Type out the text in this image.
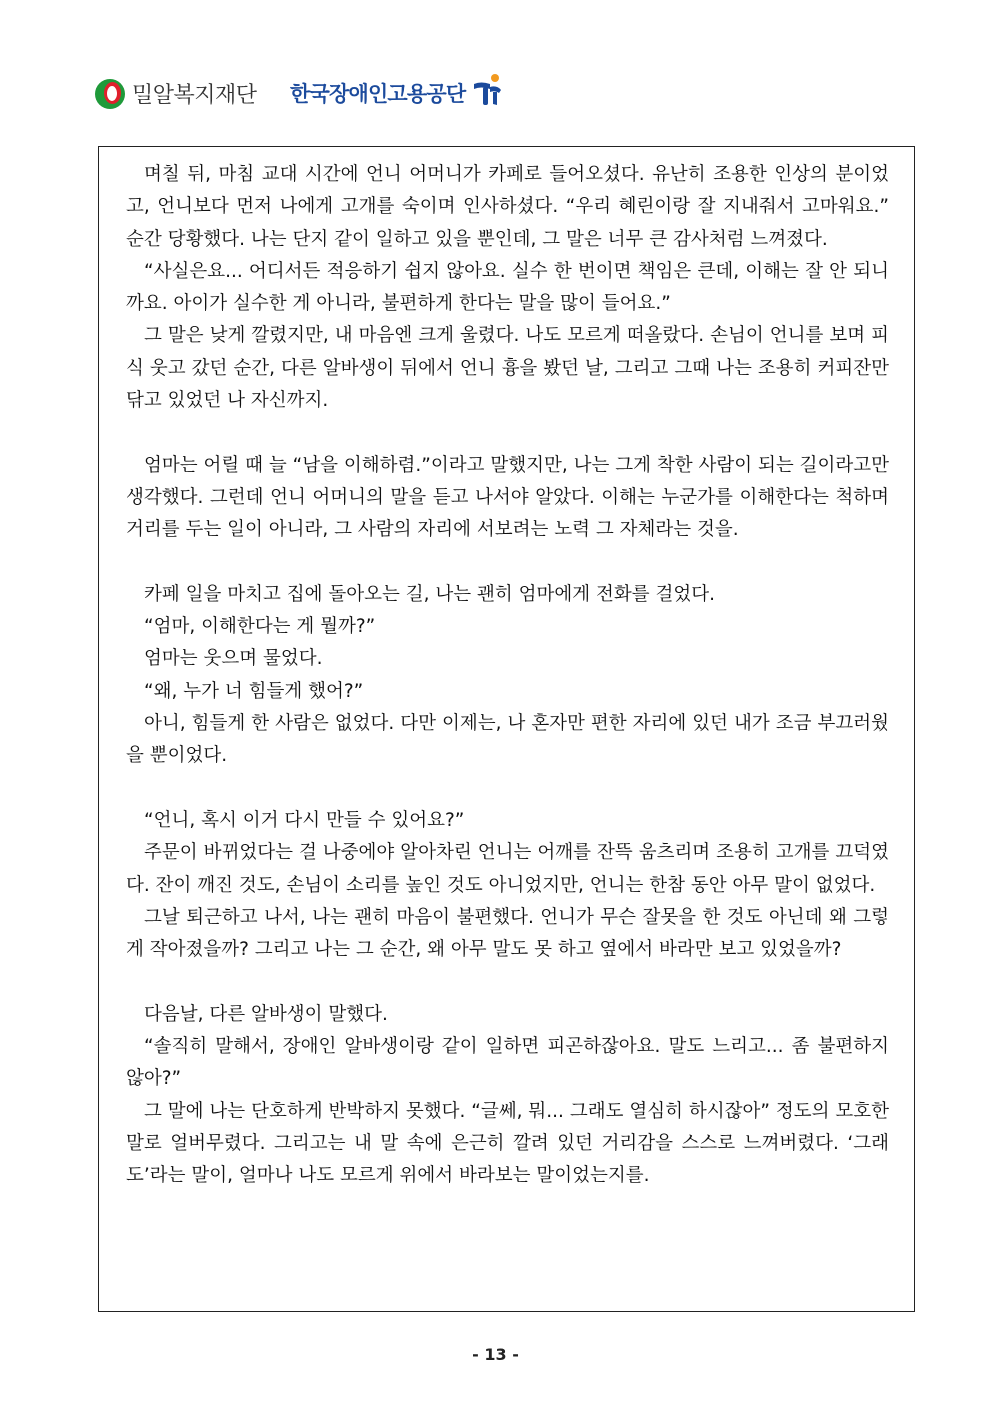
밀알복지재단 한국장애인고용공단
며칠 뒤, 마침 교대 시간에 언니 어머니가 카페로 들어오셨다. 유난히 조용한 인상의 분이었고, 언니보다 먼저 나에게 고개를 숙이며 인사하셨다. “우리 혜린이랑 잘 지내줘서 고마워요.” 순간 당황했다. 나는 단지 같이 일하고 있을 뿐인데, 그 말은 너무 큰 감사처럼 느껴졌다.
“사실은요... 어디서든 적응하기 쉽지 않아요. 실수 한 번이면 책임은 큰데, 이해는 잘 안 되니까요. 아이가 실수한 게 아니라, 불편하게 한다는 말을 많이 들어요.”
그 말은 낮게 깔렸지만, 내 마음엔 크게 울렸다. 나도 모르게 떠올랐다. 손님이 언니를 보며 피식 웃고 갔던 순간, 다른 알바생이 뒤에서 언니 흉을 봤던 날, 그리고 그때 나는 조용히 커피잔만 닦고 있었던 나 자신까지.
엄마는 어릴 때 늘 “남을 이해하렴.”이라고 말했지만, 나는 그게 착한 사람이 되는 길이라고만 생각했다. 그런데 언니 어머니의 말을 듣고 나서야 알았다. 이해는 누군가를 이해한다는 척하며 거리를 두는 일이 아니라, 그 사람의 자리에 서보려는 노력 그 자체라는 것을.
카페 일을 마치고 집에 돌아오는 길, 나는 괜히 엄마에게 전화를 걸었다.
“엄마, 이해한다는 게 뭘까?”
엄마는 웃으며 물었다.
“왜, 누가 너 힘들게 했어?”
아니, 힘들게 한 사람은 없었다. 다만 이제는, 나 혼자만 편한 자리에 있던 내가 조금 부끄러웠을 뿐이었다.
“언니, 혹시 이거 다시 만들 수 있어요?”
주문이 바뀌었다는 걸 나중에야 알아차린 언니는 어깨를 잔뜩 움츠리며 조용히 고개를 끄덕였다. 잔이 깨진 것도, 손님이 소리를 높인 것도 아니었지만, 언니는 한참 동안 아무 말이 없었다.
그날 퇴근하고 나서, 나는 괜히 마음이 불편했다. 언니가 무슨 잘못을 한 것도 아닌데 왜 그렇게 작아졌을까? 그리고 나는 그 순간, 왜 아무 말도 못 하고 옆에서 바라만 보고 있었을까?
다음날, 다른 알바생이 말했다.
“솔직히 말해서, 장애인 알바생이랑 같이 일하면 피곤하잖아요. 말도 느리고... 좀 불편하지 않아?”
그 말에 나는 단호하게 반박하지 못했다. “글쎄, 뭐... 그래도 열심히 하시잖아” 정도의 모호한 말로 얼버무렸다. 그리고는 내 말 속에 은근히 깔려 있던 거리감을 스스로 느껴버렸다. ‘그래도’라는 말이, 얼마나 나도 모르게 위에서 바라보는 말이었는지를.
- 13 -
